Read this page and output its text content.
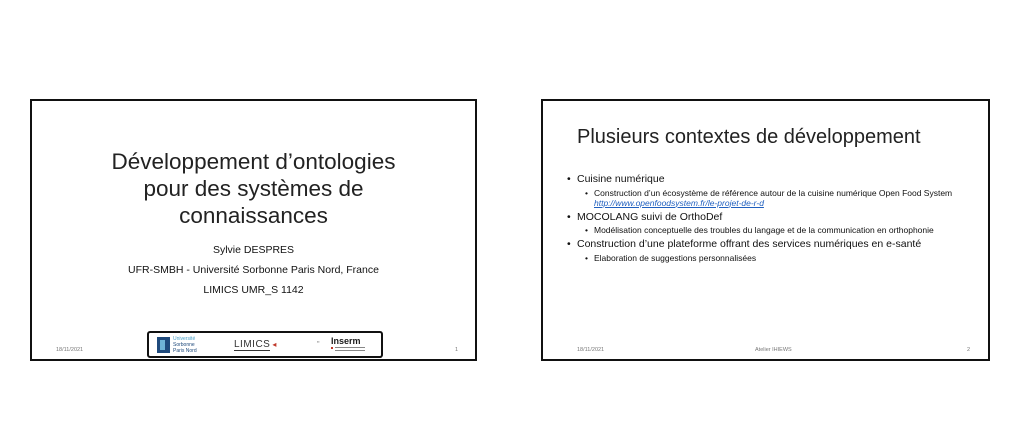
Développement d’ontologies
pour des systèmes de
connaissances
Sylvie DESPRES
UFR-SMBH - Université Sorbonne Paris Nord, France
LIMICS UMR_S 1142
18/11/2021	1
Université
Sorbonne
Paris Nord
LIMICS ◂	▪▪ Inserm
Plusieurs contextes de développement
• Cuisine numérique
• Construction d’un écosystème de référence autour de la cuisine numérique Open Food System http://www.openfoodsystem.fr/le-projet-de-r-d
• MOCOLANG suivi de OrthoDef
• Modélisation conceptuelle des troubles du langage et de la communication en orthophonie
• Construction d’une plateforme offrant des services numériques en e-santé
• Elaboration de suggestions personnalisées
18/11/2021	Atelier IHIEWS	2
